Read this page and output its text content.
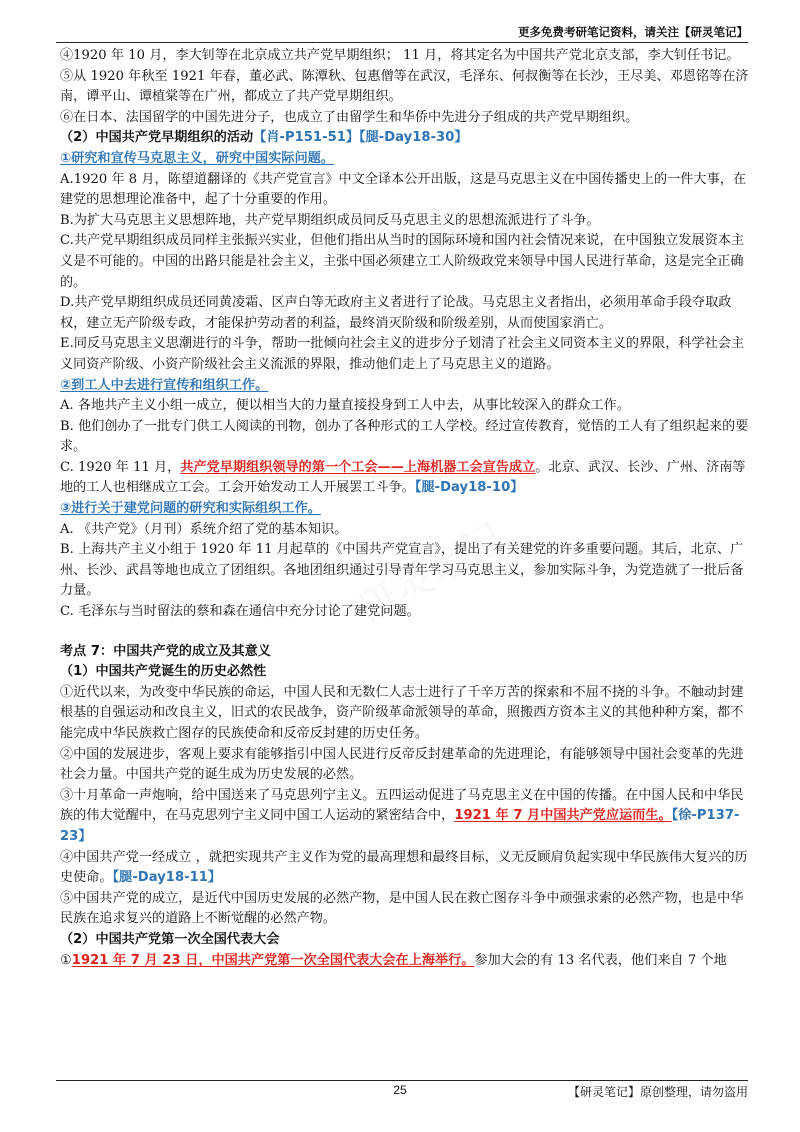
更多免费考研笔记资料，请关注【研灵笔记】
研灵笔记

④1920 年 10 月，李大钊等在北京成立共产党早期组织； 11 月，将其定名为中国共产党北京支部，李大钊任书记。

⑤从 1920 年秋至 1921 年春，董必武、陈潭秋、包惠僧等在武汉，毛泽东、何叔衡等在长沙，王尽美、邓恩铭等在济南，谭平山、谭植棠等在广州，都成立了共产党早期组织。

⑥在日本、法国留学的中国先进分子，也成立了由留学生和华侨中先进分子组成的共产党早期组织。

（2）中国共产党早期组织的活动【肖-P151-51】【腿-Day18-30】

①研究和宣传马克思主义，研究中国实际问题。

A.1920 年 8 月，陈望道翻译的《共产党宣言》中文全译本公开出版，这是马克思主义在中国传播史上的一件大事，在建党的思想理论准备中，起了十分重要的作用。

B.为扩大马克思主义思想阵地，共产党早期组织成员同反马克思主义的思想流派进行了斗争。

C.共产党早期组织成员同样主张振兴实业，但他们指出从当时的国际环境和国内社会情况来说，在中国独立发展资本主义是不可能的。中国的出路只能是社会主义，主张中国必须建立工人阶级政党来领导中国人民进行革命，这是完全正确的。

D.共产党早期组织成员还同黄凌霜、区声白等无政府主义者进行了论战。马克思主义者指出，必须用革命手段夺取政权，建立无产阶级专政，才能保护劳动者的利益，最终消灭阶级和阶级差别，从而使国家消亡。

E.同反马克思主义思潮进行的斗争，帮助一批倾向社会主义的进步分子划清了社会主义同资本主义的界限，科学社会主义同资产阶级、小资产阶级社会主义流派的界限，推动他们走上了马克思主义的道路。

②到工人中去进行宣传和组织工作。

A. 各地共产主义小组一成立，便以相当大的力量直接投身到工人中去，从事比较深入的群众工作。

B. 他们创办了一批专门供工人阅读的刊物，创办了各种形式的工人学校。经过宣传教育，觉悟的工人有了组织起来的要求。

C. 1920 年 11 月，共产党早期组织领导的第一个工会——上海机器工会宣告成立。北京、武汉、长沙、广州、济南等地的工人也相继成立工会。工会开始发动工人开展罢工斗争。【腿-Day18-10】

③进行关于建党问题的研究和实际组织工作。

A. 《共产党》（月刊）系统介绍了党的基本知识。

B. 上海共产主义小组于 1920 年 11 月起草的《中国共产党宣言》，提出了有关建党的许多重要问题。其后，北京、广州、长沙、武昌等地也成立了团组织。各地团组织通过引导青年学习马克思主义，参加实际斗争，为党造就了一批后备力量。

C. 毛泽东与当时留法的蔡和森在通信中充分讨论了建党问题。

考点 7：中国共产党的成立及其意义

（1）中国共产党诞生的历史必然性

①近代以来，为改变中华民族的命运，中国人民和无数仁人志士进行了千辛万苦的探索和不屈不挠的斗争。不触动封建根基的自强运动和改良主义，旧式的农民战争，资产阶级革命派领导的革命，照搬西方资本主义的其他种种方案，都不能完成中华民族救亡图存的民族使命和反帝反封建的历史任务。

②中国的发展进步，客观上要求有能够指引中国人民进行反帝反封建革命的先进理论，有能够领导中国社会变革的先进社会力量。中国共产党的诞生成为历史发展的必然。

③十月革命一声炮响，给中国送来了马克思列宁主义。五四运动促进了马克思主义在中国的传播。在中国人民和中华民族的伟大觉醒中，在马克思列宁主义同中国工人运动的紧密结合中，1921 年 7 月中国共产党应运而生。【徐-P137-23】

④中国共产党一经成立 ，就把实现共产主义作为党的最高理想和最终目标，义无反顾肩负起实现中华民族伟大复兴的历史使命。【腿-Day18-11】

⑤中国共产党的成立，是近代中国历史发展的必然产物，是中国人民在救亡图存斗争中顽强求索的必然产物，也是中华民族在追求复兴的道路上不断觉醒的必然产物。

（2）中国共产党第一次全国代表大会

①1921 年 7 月 23 日，中国共产党第一次全国代表大会在上海举行。参加大会的有 13 名代表，他们来自 7 个地

25	【研灵笔记】原创整理，请勿盗用
